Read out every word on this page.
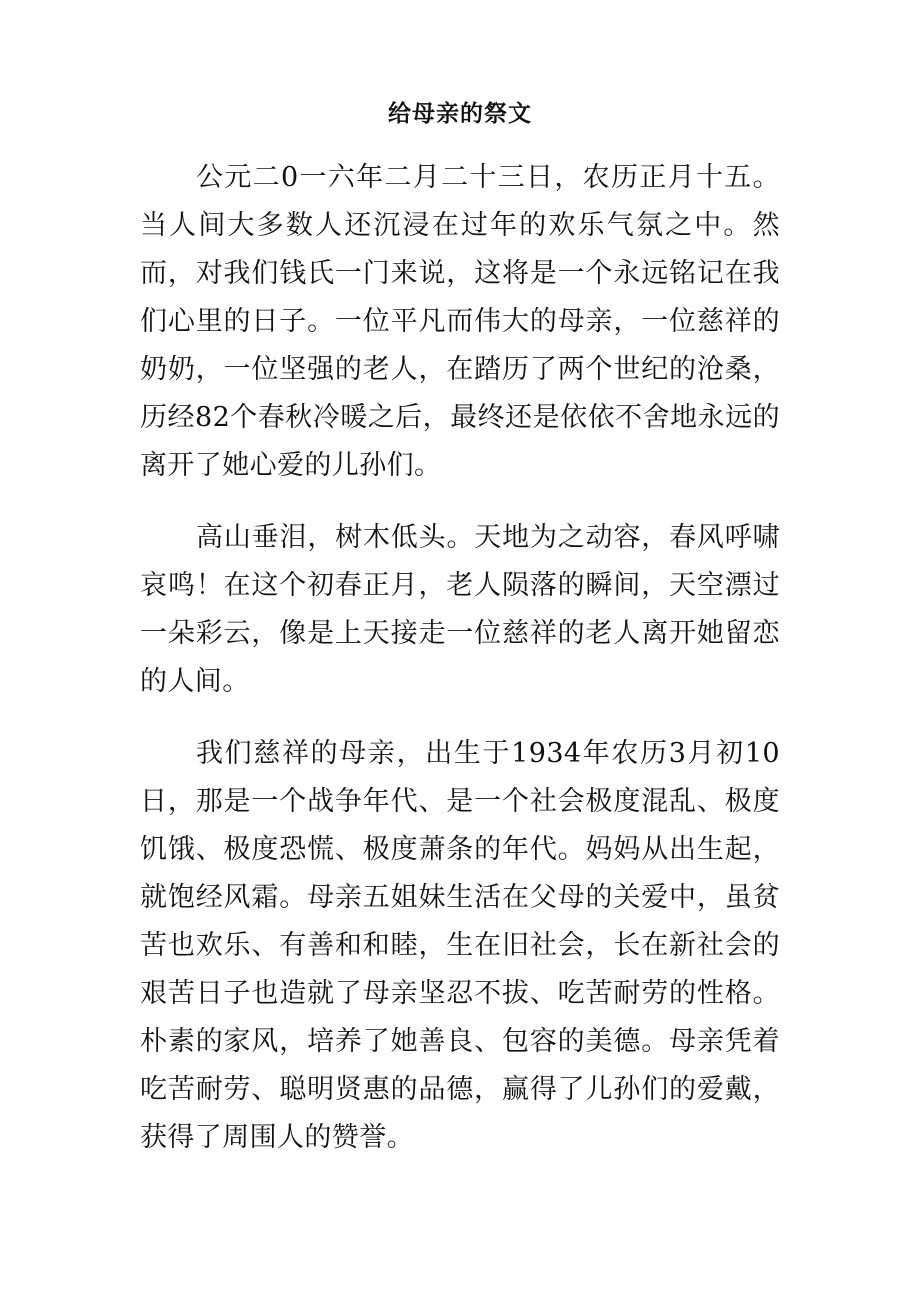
给母亲的祭文

公元二0一六年二月二十三日，农历正月十五。当人间大多数人还沉浸在过年的欢乐气氛之中。然而，对我们钱氏一门来说，这将是一个永远铭记在我们心里的日子。一位平凡而伟大的母亲，一位慈祥的奶奶，一位坚强的老人，在踏历了两个世纪的沧桑，历经82个春秋冷暖之后，最终还是依依不舍地永远的离开了她心爱的儿孙们。

高山垂泪，树木低头。天地为之动容，春风呼啸哀鸣！在这个初春正月，老人陨落的瞬间，天空漂过一朵彩云，像是上天接走一位慈祥的老人离开她留恋的人间。

我们慈祥的母亲，出生于1934年农历3月初10日，那是一个战争年代、是一个社会极度混乱、极度饥饿、极度恐慌、极度萧条的年代。妈妈从出生起，就饱经风霜。母亲五姐妹生活在父母的关爱中，虽贫苦也欢乐、有善和和睦，生在旧社会，长在新社会的艰苦日子也造就了母亲坚忍不拔、吃苦耐劳的性格。朴素的家风，培养了她善良、包容的美德。母亲凭着吃苦耐劳、聪明贤惠的品德，赢得了儿孙们的爱戴，获得了周围人的赞誉。
